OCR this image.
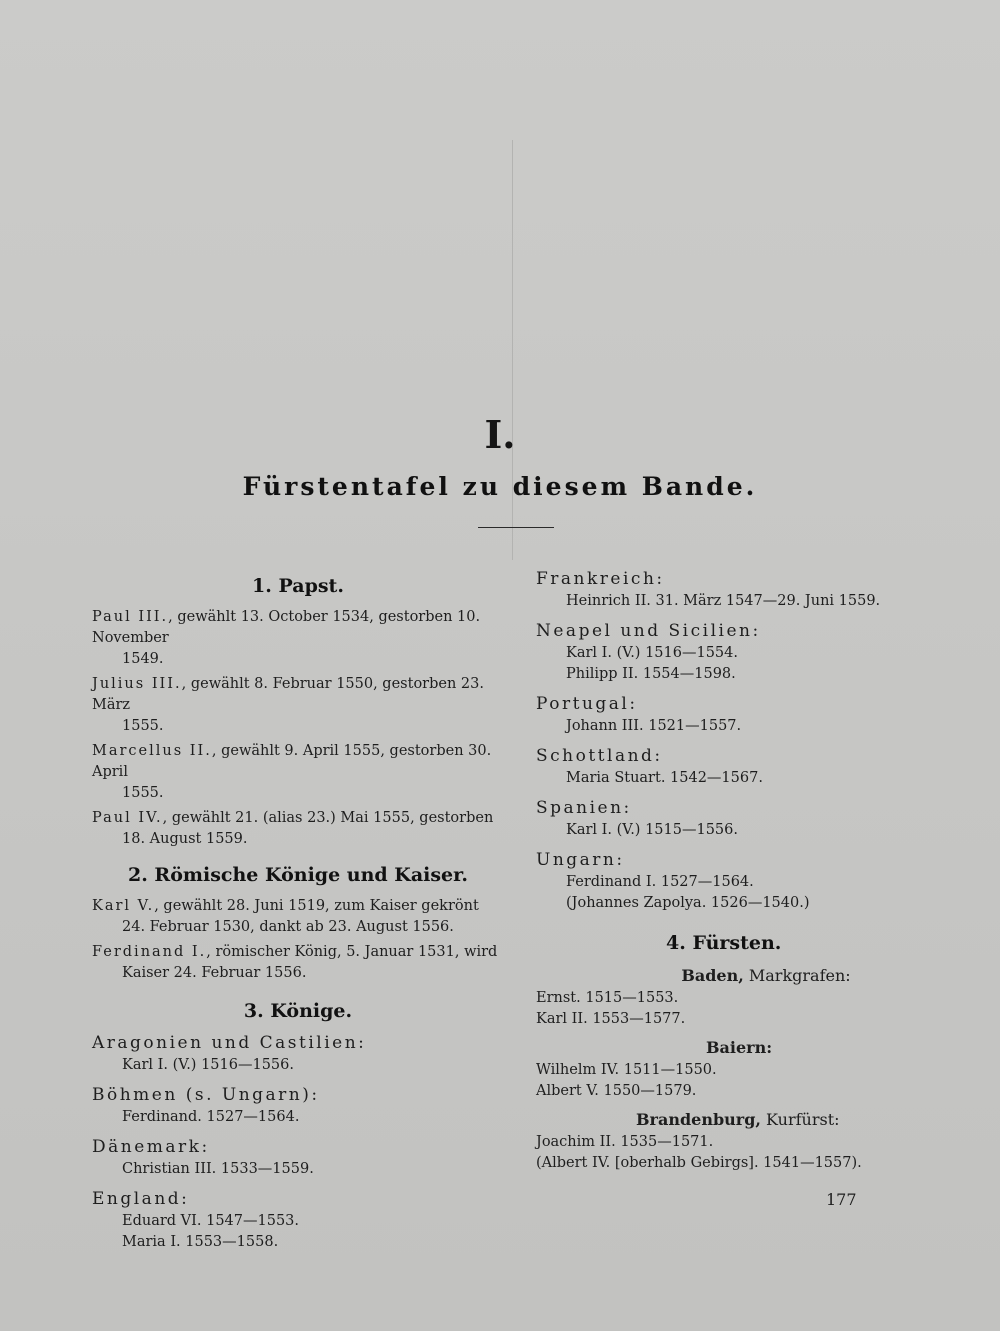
I.
Fürstentafel zu diesem Bande.
1. Papst.
Paul III., gewählt 13. October 1534, gestorben 10. November
1549.
Julius III., gewählt 8. Februar 1550, gestorben 23. März
1555.
Marcellus II., gewählt 9. April 1555, gestorben 30. April
1555.
Paul IV., gewählt 21. (alias 23.) Mai 1555, gestorben
18. August 1559.
2. Römische Könige und Kaiser.
Karl V., gewählt 28. Juni 1519, zum Kaiser gekrönt
24. Februar 1530, dankt ab 23. August 1556.
Ferdinand I., römischer König, 5. Januar 1531, wird
Kaiser 24. Februar 1556.
3. Könige.
Aragonien und Castilien:
Karl I. (V.) 1516—1556.
Böhmen (s. Ungarn):
Ferdinand. 1527—1564.
Dänemark:
Christian III. 1533—1559.
England:
Eduard VI. 1547—1553.
Maria I. 1553—1558.
Frankreich:
Heinrich II. 31. März 1547—29. Juni 1559.
Neapel und Sicilien:
Karl I. (V.) 1516—1554.
Philipp II. 1554—1598.
Portugal:
Johann III. 1521—1557.
Schottland:
Maria Stuart. 1542—1567.
Spanien:
Karl I. (V.) 1515—1556.
Ungarn:
Ferdinand I. 1527—1564.
(Johannes Zapolya. 1526—1540.)
4. Fürsten.
Baden, Markgrafen:
Ernst. 1515—1553.
Karl II. 1553—1577.
Baiern:
Wilhelm IV. 1511—1550.
Albert V. 1550—1579.
Brandenburg, Kurfürst:
Joachim II. 1535—1571.
(Albert IV. [oberhalb Gebirgs]. 1541—1557).
177
